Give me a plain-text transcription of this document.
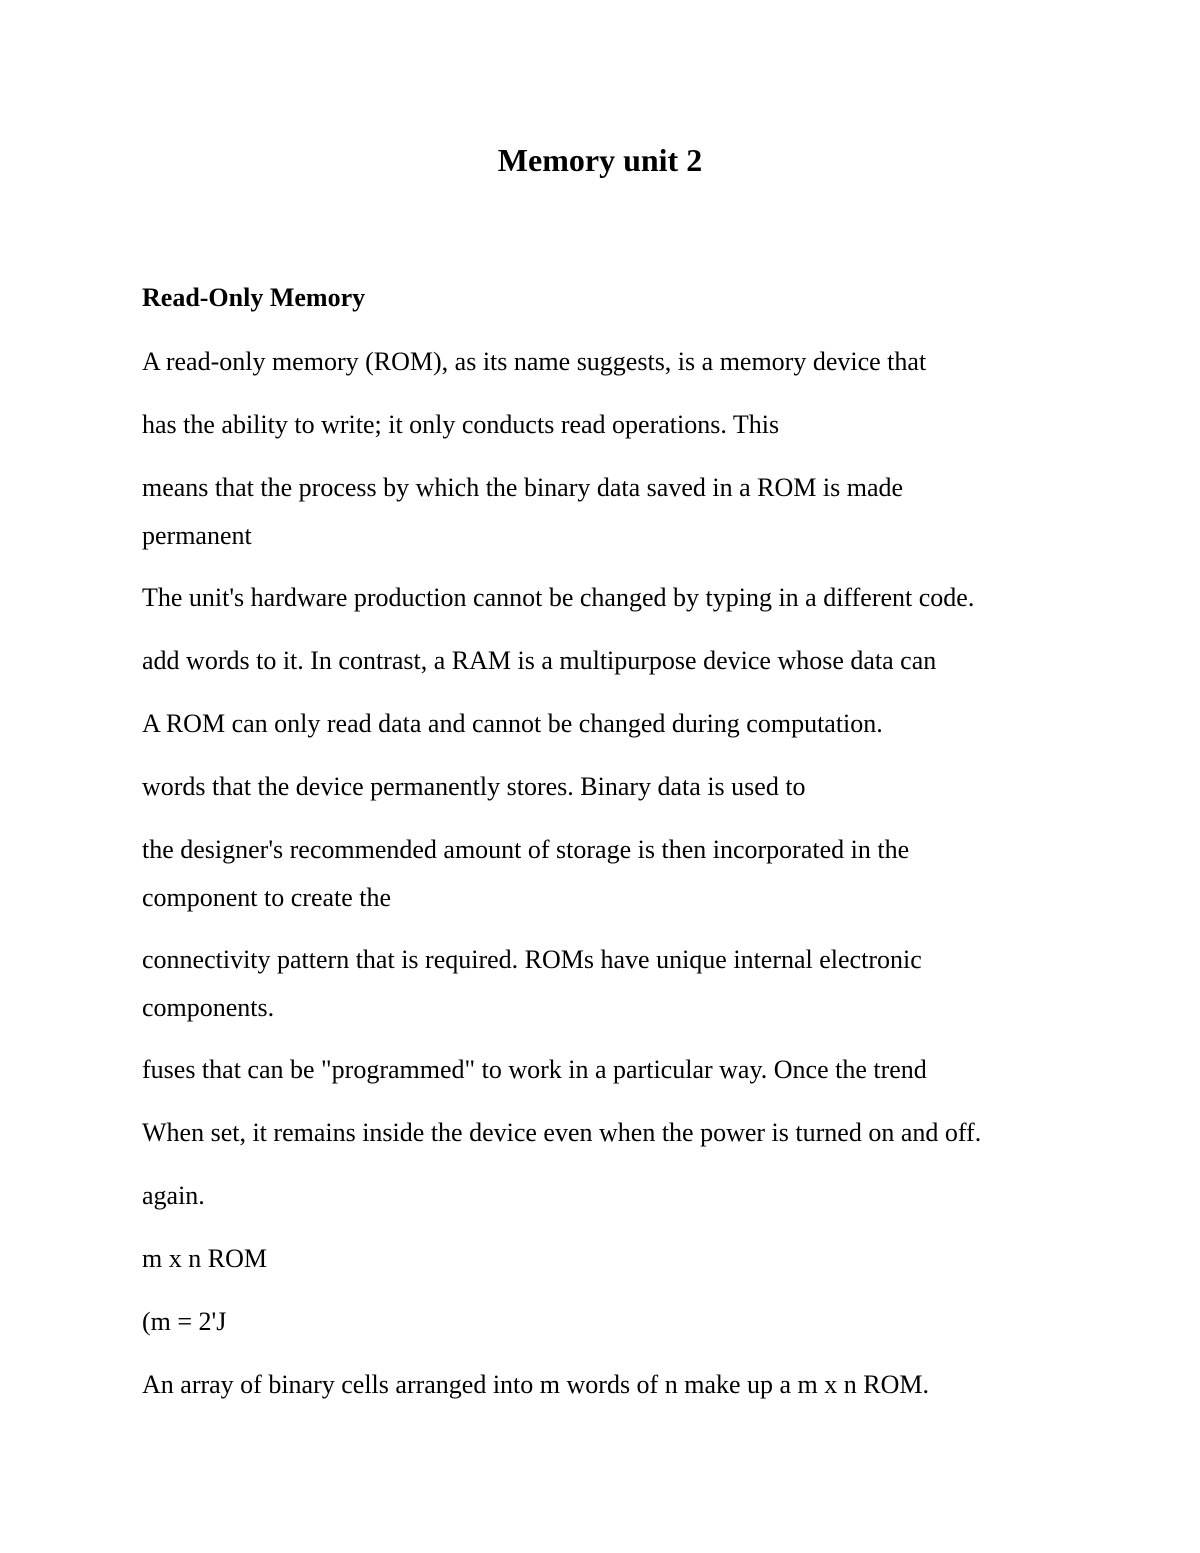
Memory unit 2
Read-Only Memory

A read-only memory (ROM), as its name suggests, is a memory device that

has the ability to write; it only conducts read operations. This

means that the process by which the binary data saved in a ROM is made permanent

The unit's hardware production cannot be changed by typing in a different code.

add words to it. In contrast, a RAM is a multipurpose device whose data can

A ROM can only read data and cannot be changed during computation.

words that the device permanently stores. Binary data is used to

the designer's recommended amount of storage is then incorporated in the component to create the

connectivity pattern that is required. ROMs have unique internal electronic components.

fuses that can be "programmed" to work in a particular way. Once the trend

When set, it remains inside the device even when the power is turned on and off.

again.

m x n ROM

(m = 2'J

An array of binary cells arranged into m words of n make up a m x n ROM.
